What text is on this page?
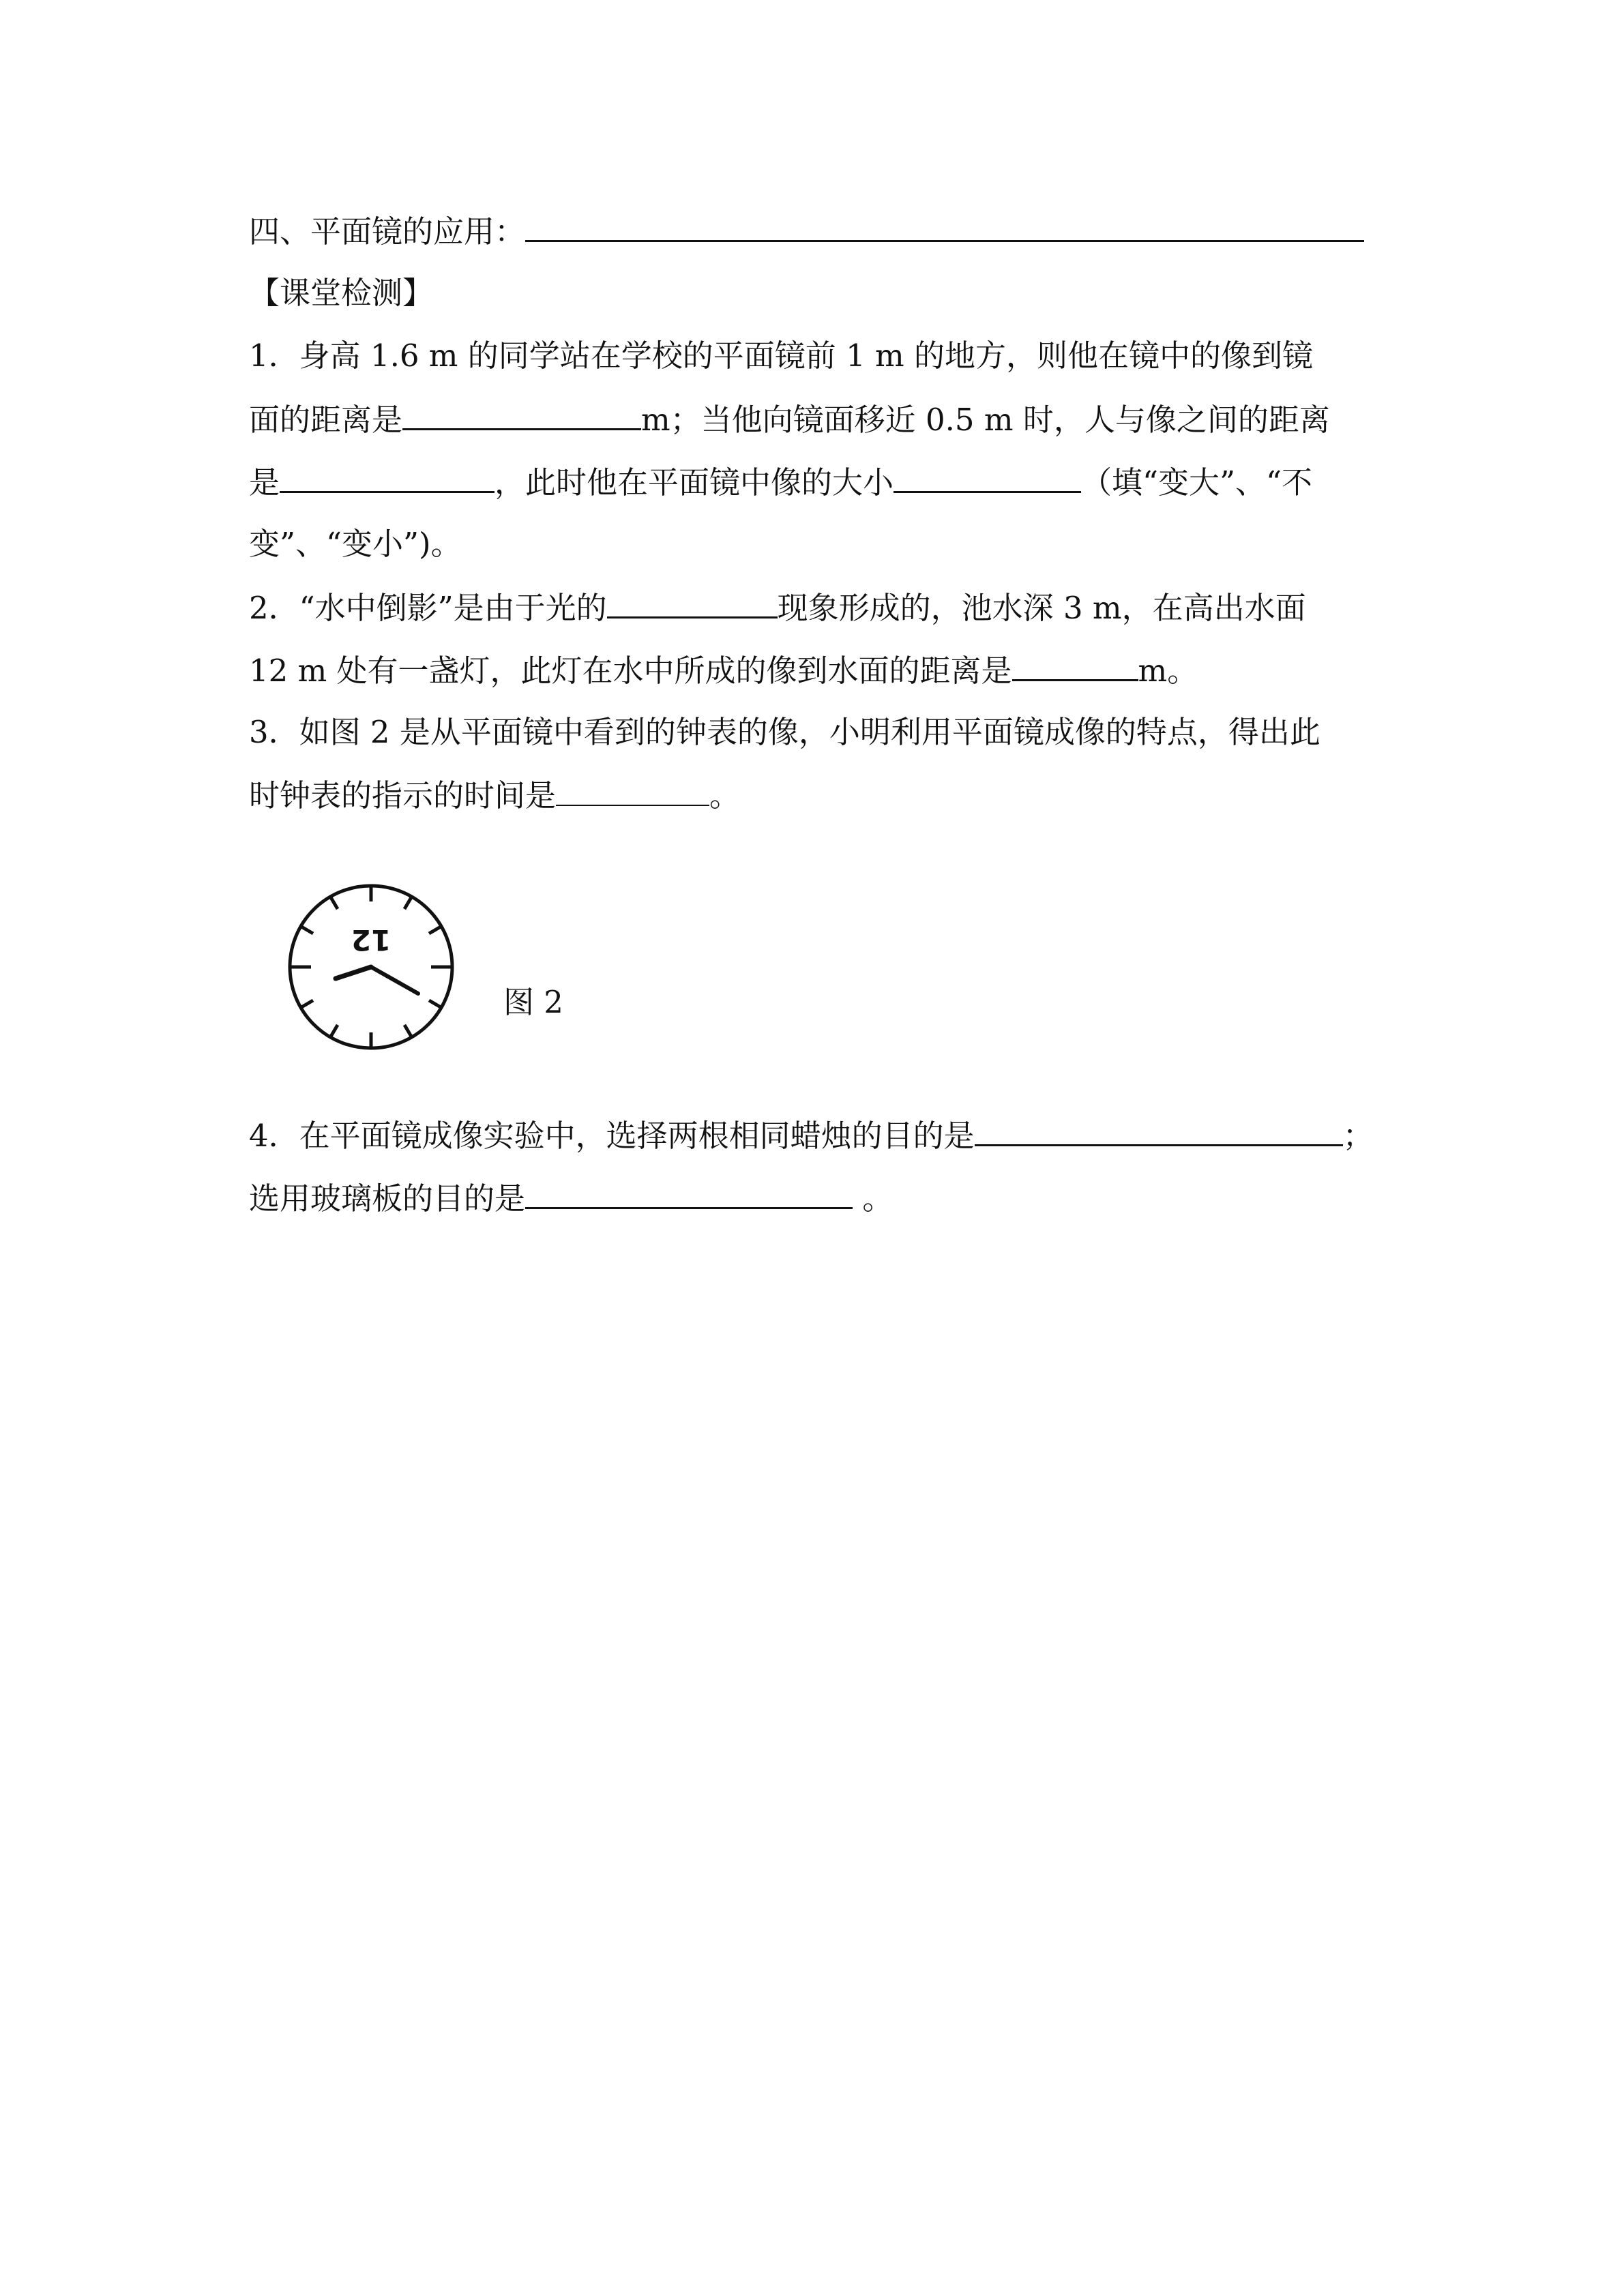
四、平面镜的应用：
【课堂检测】
1．身高 1.6 m 的同学站在学校的平面镜前 1 m 的地方，则他在镜中的像到镜
面的距离是	m；当他向镜面移近 0.5 m 时，人与像之间的距离
是	，此时他在平面镜中像的大小	（填“变大”、“不
变”、“变小”)。
2．“水中倒影”是由于光的	现象形成的，池水深 3 m，在高出水面
12 m 处有一盏灯，此灯在水中所成的像到水面的距离是	m。
3．如图 2 是从平面镜中看到的钟表的像，小明利用平面镜成像的特点，得出此
时钟表的指示的时间是	。
12
图 2
4．在平面镜成像实验中，选择两根相同蜡烛的目的是	；
选用玻璃板的目的是	。
